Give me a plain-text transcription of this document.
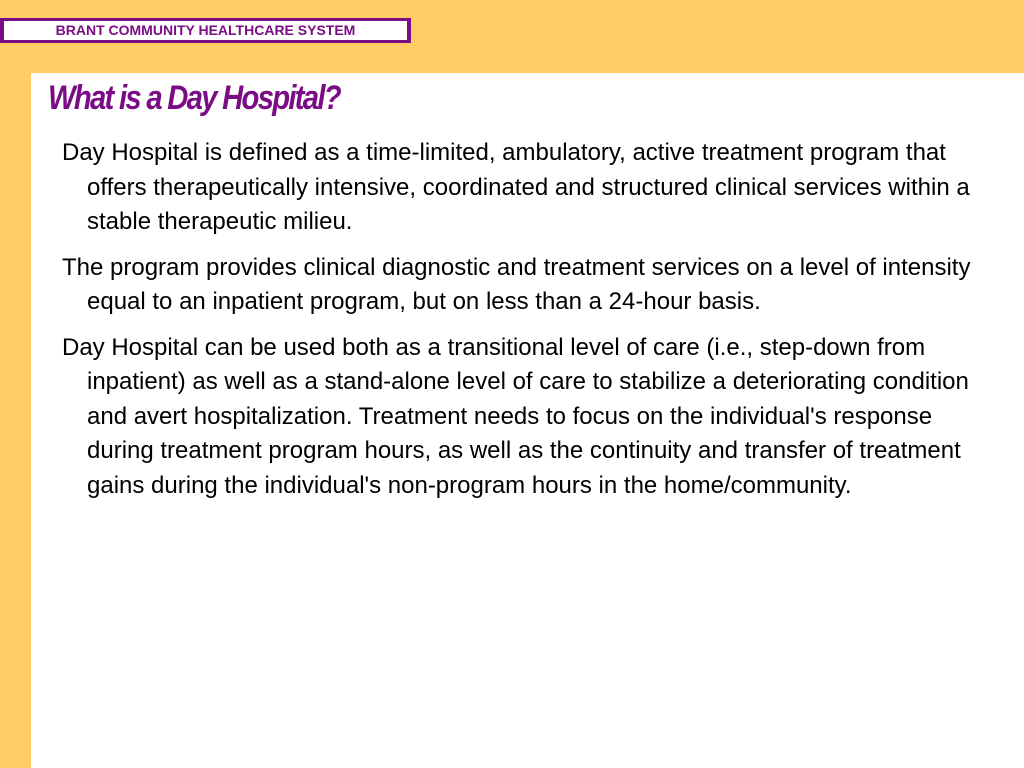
BRANT COMMUNITY HEALTHCARE SYSTEM
What is a Day Hospital?

Day Hospital is defined as a time-limited, ambulatory, active treatment program that offers therapeutically intensive, coordinated and structured clinical services within a stable therapeutic milieu.

The program provides clinical diagnostic and treatment services on a level of intensity equal to an inpatient program, but on less than a 24-hour basis.

Day Hospital can be used both as a transitional level of care (i.e., step-down from inpatient) as well as a stand-alone level of care to stabilize a deteriorating condition and avert hospitalization. Treatment needs to focus on the individual's response during treatment program hours, as well as the continuity and transfer of treatment gains during the individual's non-program hours in the home/community.
